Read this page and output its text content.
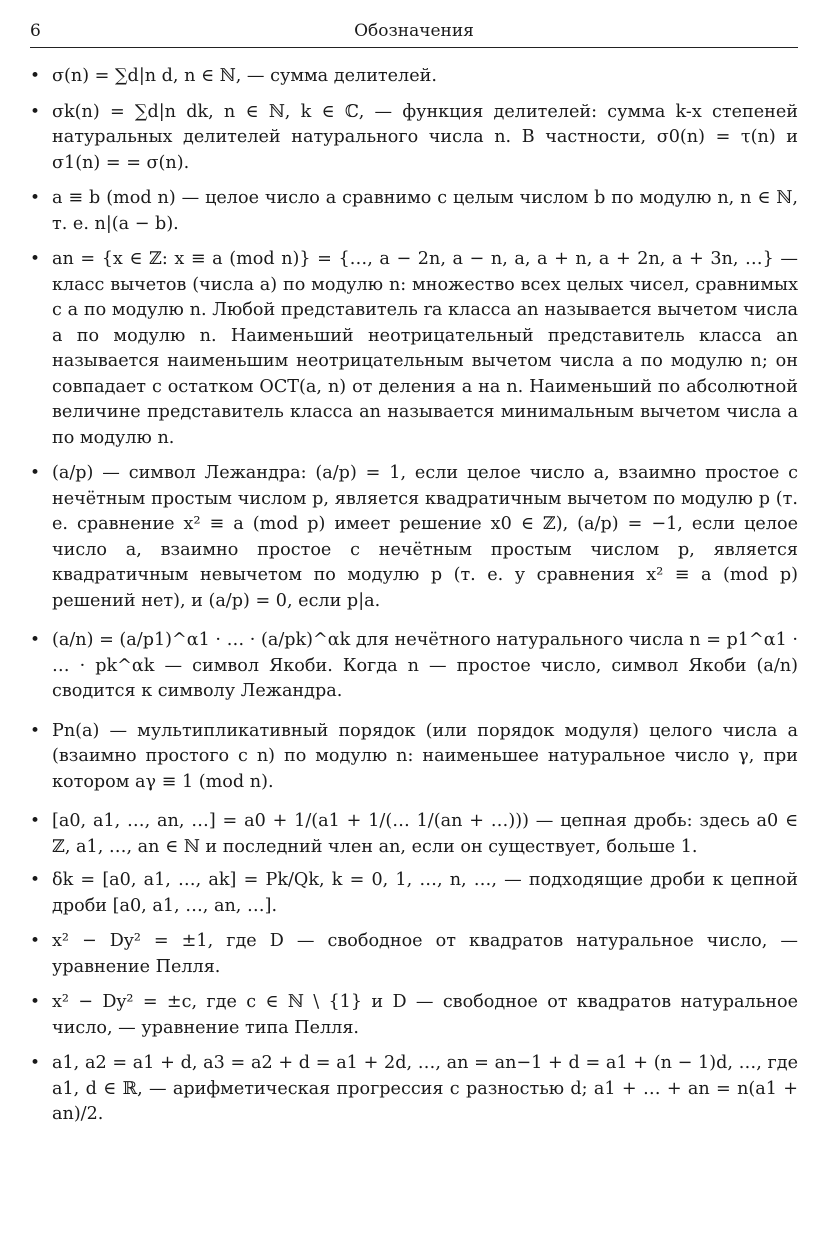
6	Обозначения
• σ(n) = ∑d|n d, n ∈ ℕ, — сумма делителей.
• σk(n) = ∑d|n dk, n ∈ ℕ, k ∈ ℂ, — функция делителей: сумма k-х степеней натуральных делителей натурального числа n. В частности, σ0(n) = τ(n) и σ1(n) = = σ(n).
• a ≡ b (mod n) — целое число a сравнимо с целым числом b по модулю n, n ∈ ℕ, т. е. n|(a − b).
• an = {x ∈ ℤ: x ≡ a (mod n)} = {…, a − 2n, a − n, a, a + n, a + 2n, a + 3n, …} — класс вычетов (числа a) по модулю n: множество всех целых чисел, сравнимых с a по модулю n. Любой представитель ra класса an называется вычетом числа a по модулю n. Наименьший неотрицательный представитель класса an называется наименьшим неотрицательным вычетом числа a по модулю n; он совпадает с остатком ОСТ(a, n) от деления a на n. Наименьший по абсолютной величине представитель класса an называется минимальным вычетом числа a по модулю n.
• (a/p) — символ Лежандра: (a/p) = 1, если целое число a, взаимно простое с нечётным простым числом p, является квадратичным вычетом по модулю p (т. е. сравнение x² ≡ a (mod p) имеет решение x0 ∈ ℤ), (a/p) = −1, если целое число a, взаимно простое с нечётным простым числом p, является квадратичным невычетом по модулю p (т. е. у сравнения x² ≡ a (mod p) решений нет), и (a/p) = 0, если p|a.
• (a/n) = (a/p1)^α1 · … · (a/pk)^αk для нечётного натурального числа n = p1^α1 · … · pk^αk — символ Якоби. Когда n — простое число, символ Якоби (a/n) сводится к символу Лежандра.
• Pn(a) — мультипликативный порядок (или порядок модуля) целого числа a (взаимно простого с n) по модулю n: наименьшее натуральное число γ, при котором aγ ≡ 1 (mod n).
• [a0, a1, …, an, …] = a0 + 1/(a1 + 1/(… 1/(an + …))) — цепная дробь: здесь a0 ∈ ℤ, a1, …, an ∈ ℕ и последний член an, если он существует, больше 1.
• δk = [a0, a1, …, ak] = Pk/Qk, k = 0, 1, …, n, …, — подходящие дроби к цепной дроби [a0, a1, …, an, …].
• x² − Dy² = ±1, где D — свободное от квадратов натуральное число, — уравнение Пелля.
• x² − Dy² = ±c, где c ∈ ℕ \ {1} и D — свободное от квадратов натуральное число, — уравнение типа Пелля.
• a1, a2 = a1 + d, a3 = a2 + d = a1 + 2d, …, an = an−1 + d = a1 + (n − 1)d, …, где a1, d ∈ ℝ, — арифметическая прогрессия с разностью d; a1 + … + an = n(a1 + an)/2.
